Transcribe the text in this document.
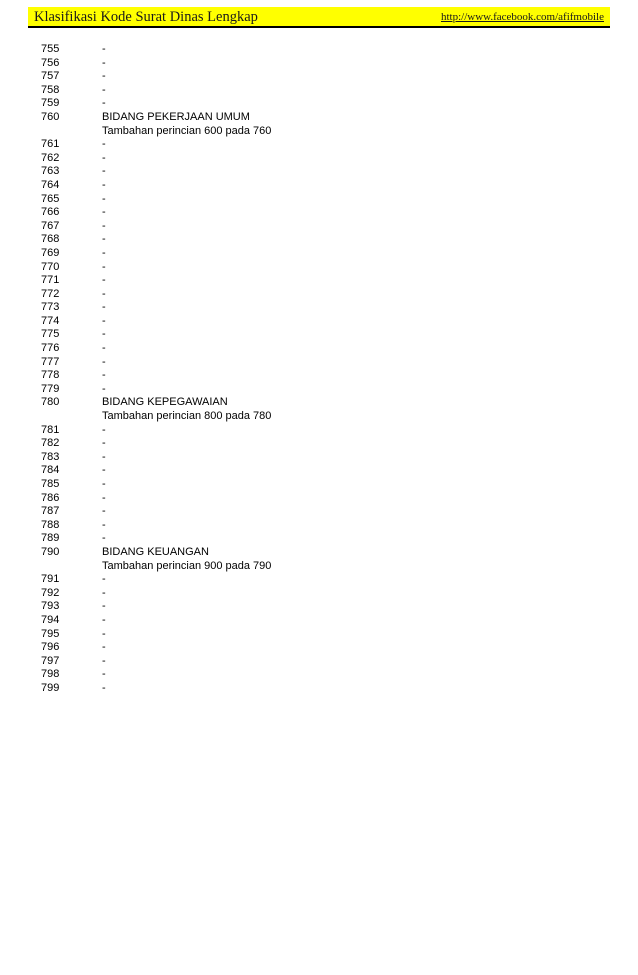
Klasifikasi Kode Surat Dinas Lengkap	http://www.facebook.com/afifmobile
755	-
756	-
757	-
758	-
759	-
760	BIDANG PEKERJAAN UMUM
Tambahan perincian 600 pada 760
761	-
762	-
763	-
764	-
765	-
766	-
767	-
768	-
769	-
770	-
771	-
772	-
773	-
774	-
775	-
776	-
777	-
778	-
779	-
780	BIDANG KEPEGAWAIAN
Tambahan perincian 800 pada 780
781	-
782	-
783	-
784	-
785	-
786	-
787	-
788	-
789	-
790	BIDANG KEUANGAN
Tambahan perincian 900 pada 790
791	-
792	-
793	-
794	-
795	-
796	-
797	-
798	-
799	-
